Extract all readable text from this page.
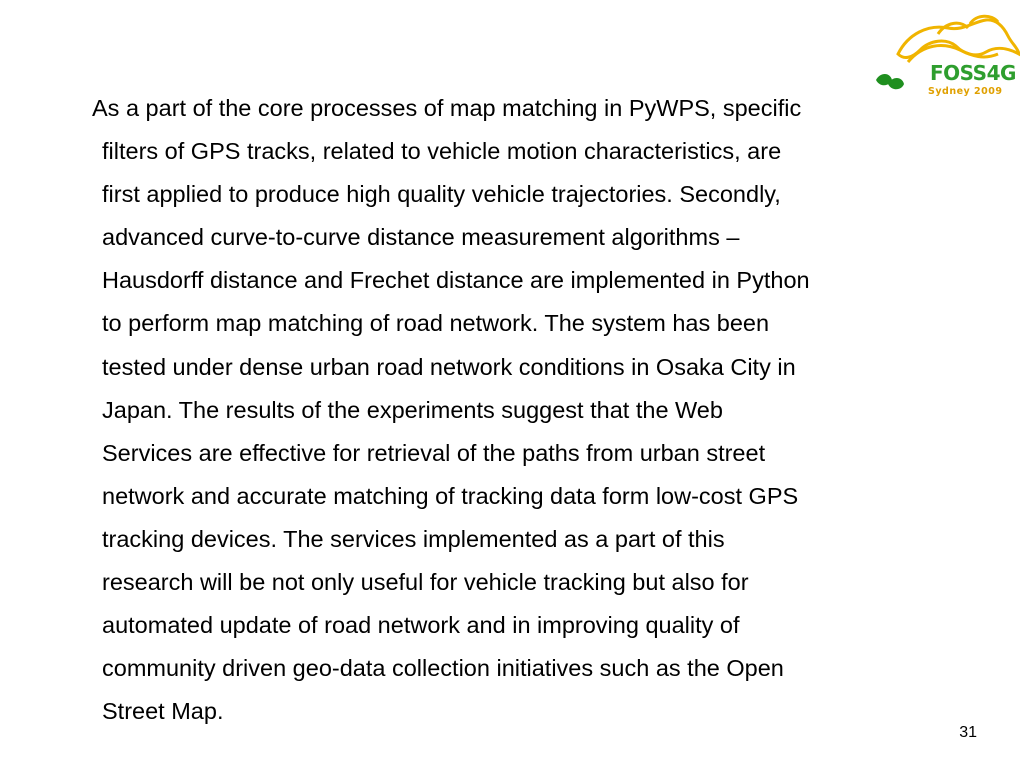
FOSS4G
Sydney 2009

As a part of the core processes of map matching in PyWPS, specific
filters of GPS tracks, related to vehicle motion characteristics, are
first applied to produce high quality vehicle trajectories. Secondly,
advanced curve-to-curve distance measurement algorithms –
Hausdorff distance and Frechet distance are implemented in Python
to perform map matching of road network. The system has been
tested under dense urban road network conditions in Osaka City in
Japan. The results of the experiments suggest that the Web
Services are effective for retrieval of the paths from urban street
network and accurate matching of tracking data form low-cost GPS
tracking devices. The services implemented as a part of this
research will be not only useful for vehicle tracking but also for
automated update of road network and in improving quality of
community driven geo-data collection initiatives such as the Open
Street Map.

31
